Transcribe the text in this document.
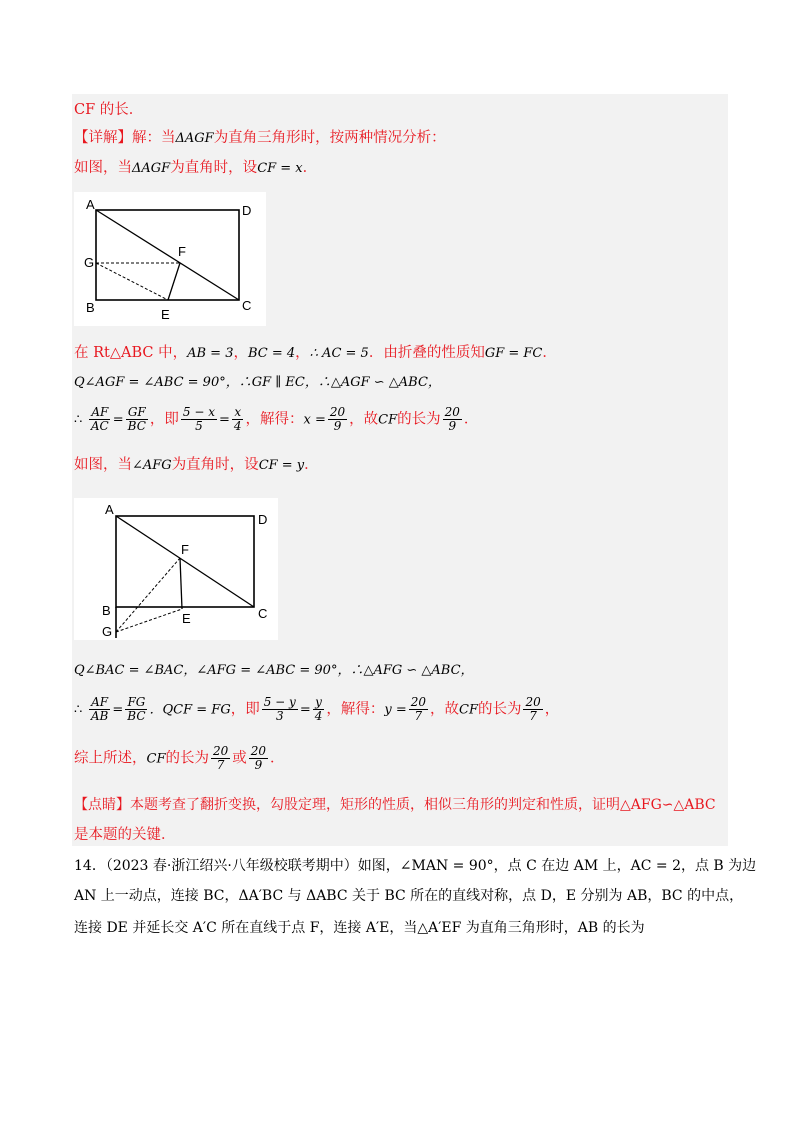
CF 的长．
【详解】解：当ΔAGF为直角三角形时，按两种情况分析：
如图，当ΔAGF为直角时，设CF = x．
A	D
F
G
B	E
C
在 Rt△ABC 中，AB = 3，BC = 4，∴ AC = 5．由折叠的性质知GF = FC．
Q∠AGF = ∠ABC = 90°，∴GF ∥ EC，∴△AGF ∽ △ABC，
∴ $\frac{AF}{AC} = \frac{GF}{BC}$ ，即 $\frac{5 - x}{5} = \frac{x}{4}$ ，解得：$x = \frac{20}{9}$ ，故CF的长为 $\frac{20}{9}$ ．
如图，当∠AFG为直角时，设CF = y．
A
D
F
B	C
G
E
Q∠BAC = ∠BAC，∠AFG = ∠ABC = 90°，∴△AFG ∽ △ABC，
∴ $\frac{AF}{AB} = \frac{FG}{BC}$ ．QCF = FG，即 $\frac{5 - y}{3} = \frac{y}{4}$ ，解得：$y = \frac{20}{7}$ ，故CF的长为 $\frac{20}{7}$ ，
综上所述，CF的长为 $\frac{20}{7}$ 或 $\frac{20}{9}$ ．
【点睛】本题考查了翻折变换，勾股定理，矩形的性质，相似三角形的判定和性质，证明△AFG∽△ABC
是本题的关键．
14．（2023 春·浙江绍兴·八年级校联考期中）如图，∠MAN = 90°，点 C 在边 AM 上，AC = 2，点 B 为边
AN 上一动点，连接 BC，ΔA′BC 与 ΔABC 关于 BC 所在的直线对称，点 D，E 分别为 AB，BC 的中点，
连接 DE 并延长交 A′C 所在直线于点 F，连接 A′E，当△A′EF 为直角三角形时，AB 的长为
